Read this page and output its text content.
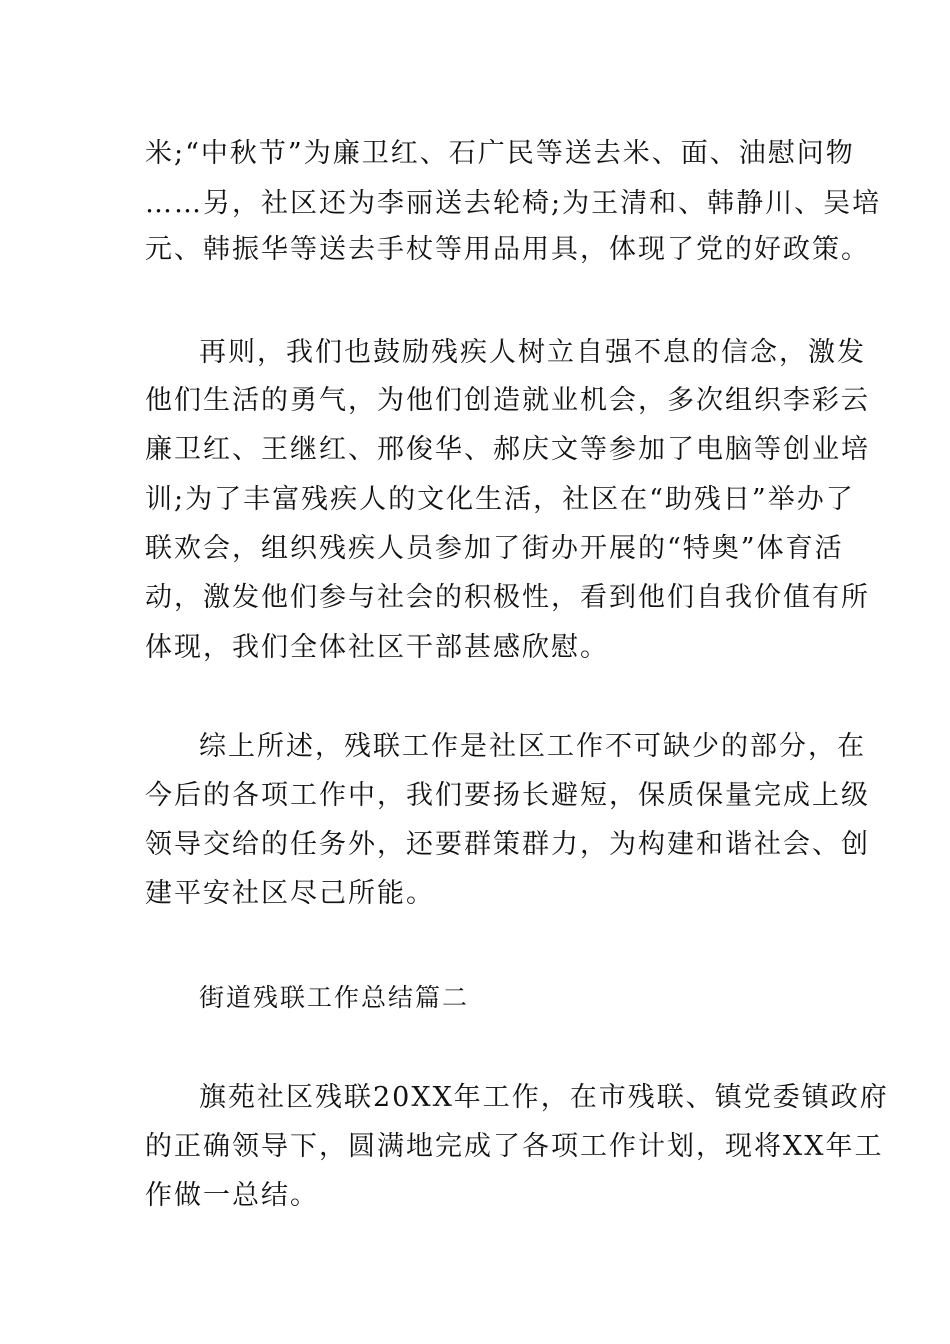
米;“中秋节”为廉卫红、石广民等送去米、面、油慰问物
……另，社区还为李丽送去轮椅;为王清和、韩静川、吴培
元、韩振华等送去手杖等用品用具，体现了党的好政策。
再则，我们也鼓励残疾人树立自强不息的信念，激发
他们生活的勇气，为他们创造就业机会，多次组织李彩云
廉卫红、王继红、邢俊华、郝庆文等参加了电脑等创业培
训;为了丰富残疾人的文化生活，社区在“助残日”举办了
联欢会，组织残疾人员参加了街办开展的“特奥”体育活
动，激发他们参与社会的积极性，看到他们自我价值有所
体现，我们全体社区干部甚感欣慰。
综上所述，残联工作是社区工作不可缺少的部分，在
今后的各项工作中，我们要扬长避短，保质保量完成上级
领导交给的任务外，还要群策群力，为构建和谐社会、创
建平安社区尽己所能。
街道残联工作总结篇二
旗苑社区残联20XX年工作，在市残联、镇党委镇政府
的正确领导下，圆满地完成了各项工作计划，现将XX年工
作做一总结。
